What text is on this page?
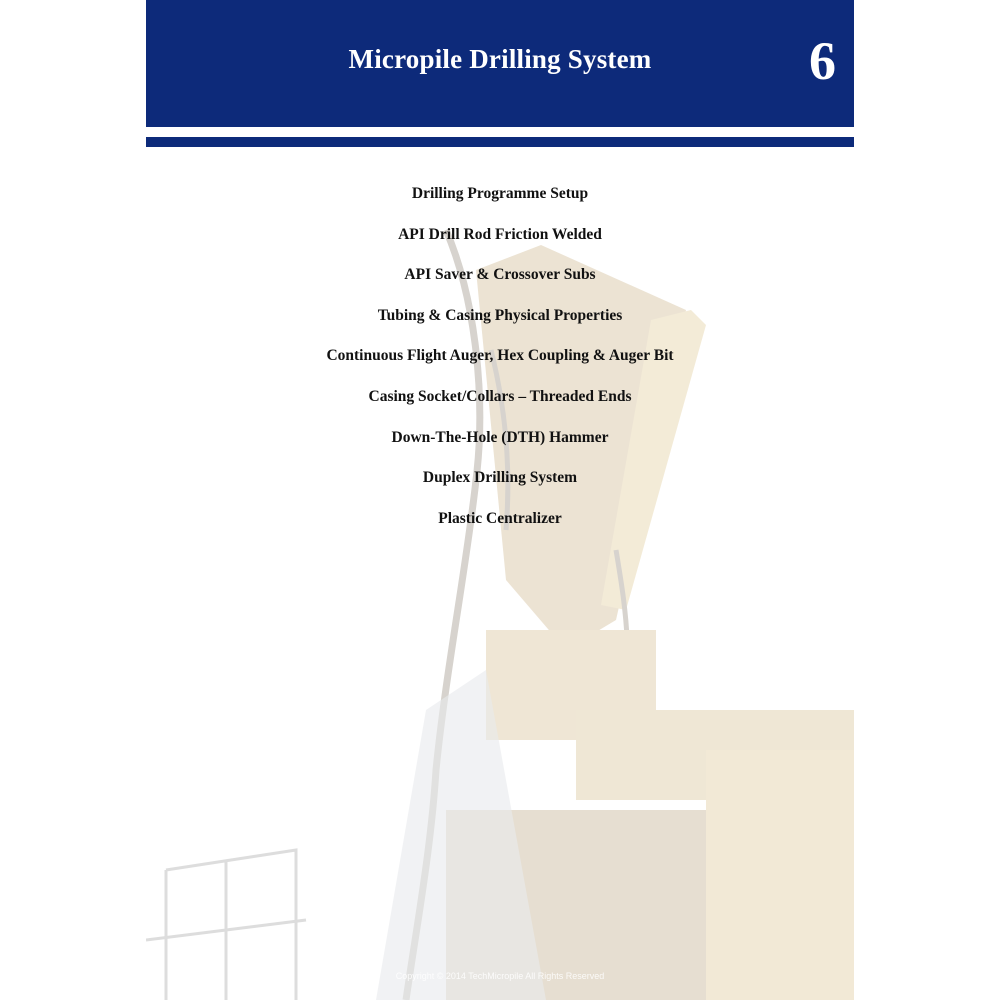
Micropile Drilling System	6
Drilling Programme Setup
API Drill Rod Friction Welded
API Saver & Crossover Subs
Tubing & Casing Physical Properties
Continuous Flight Auger, Hex Coupling & Auger Bit
Casing Socket/Collars – Threaded Ends
Down-The-Hole (DTH) Hammer
Duplex Drilling System
Plastic Centralizer
Copyright © 2014 TechMicropile All Rights Reserved
